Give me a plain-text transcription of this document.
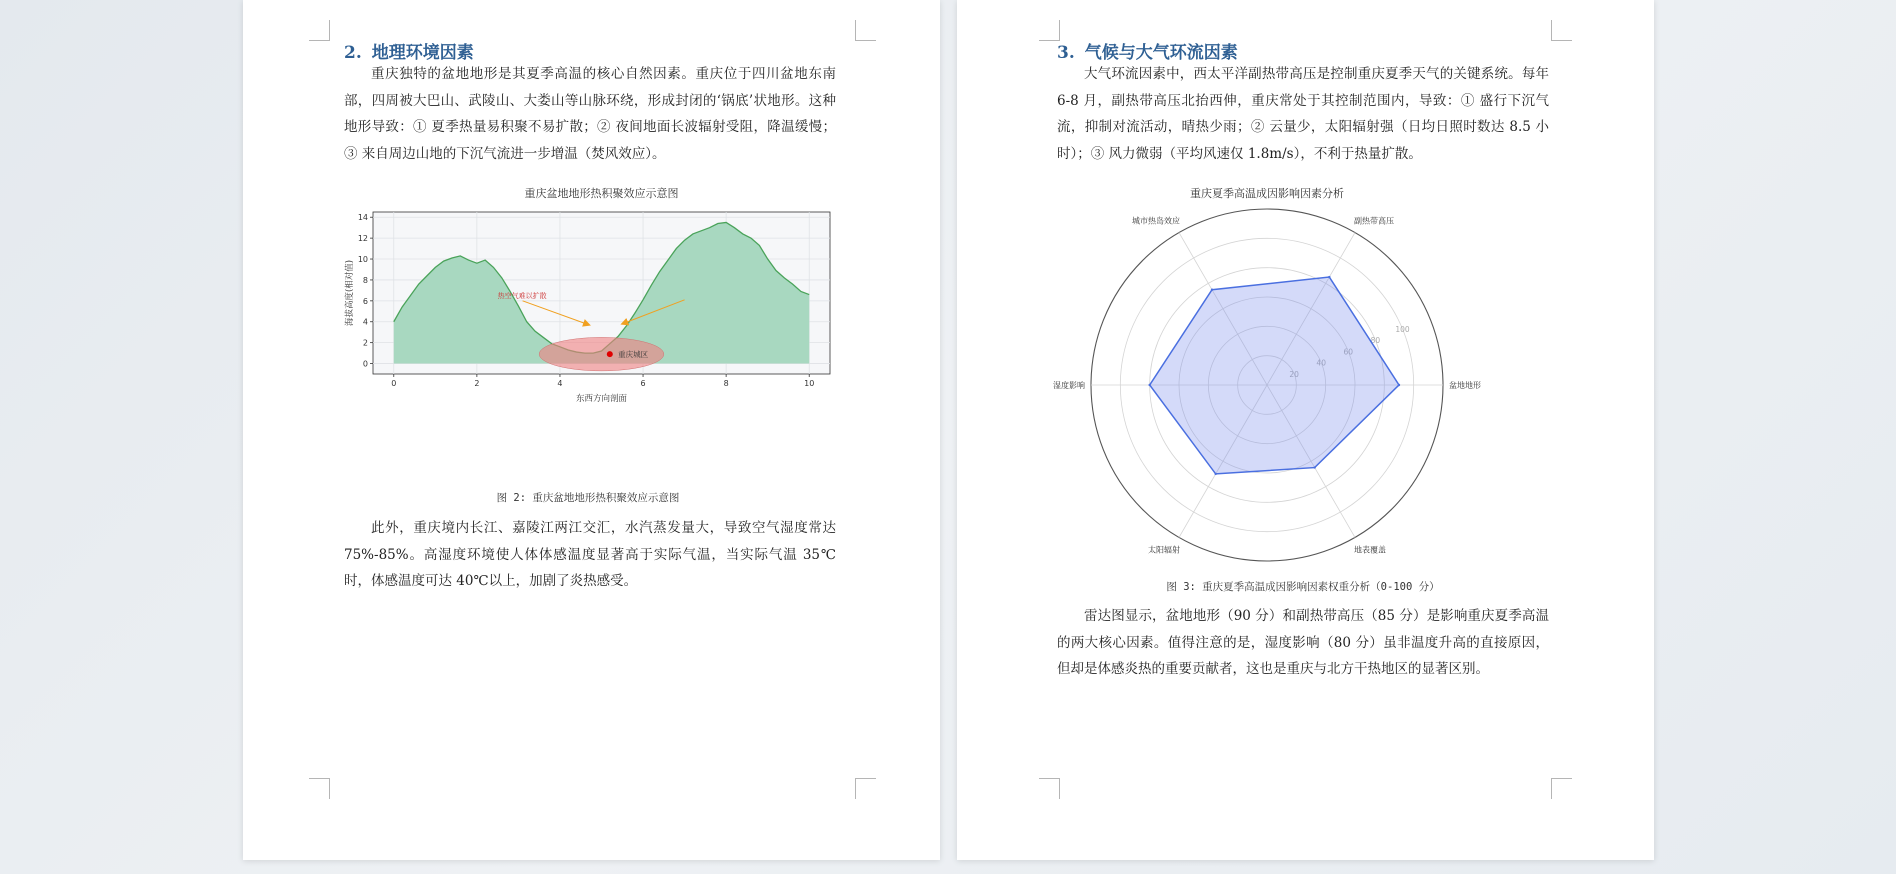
2. 地理环境因素

重庆独特的盆地地形是其夏季高温的核心自然因素。重庆位于四川盆地东南部，四周被大巴山、武陵山、大娄山等山脉环绕，形成封闭的‘锅底’状地形。这种地形导致：① 夏季热量易积聚不易扩散；② 夜间地面长波辐射受阻，降温缓慢；③ 来自周边山地的下沉气流进一步增温（焚风效应）。

重庆盆地地形热积聚效应示意图
0	2	4	6	8	10
0
2
4
6
8
10
12
14
热空气难以扩散
重庆城区
东西方向剖面
海拔高度(相对值)

图 2: 重庆盆地地形热积聚效应示意图

此外，重庆境内长江、嘉陵江两江交汇，水汽蒸发量大，导致空气湿度常达75%-85%。高湿度环境使人体体感温度显著高于实际气温，当实际气温 35℃时，体感温度可达 40℃以上，加剧了炎热感受。

3. 气候与大气环流因素

大气环流因素中，西太平洋副热带高压是控制重庆夏季天气的关键系统。每年 6-8 月，副热带高压北抬西伸，重庆常处于其控制范围内，导致：① 盛行下沉气流，抑制对流活动，晴热少雨；② 云量少，太阳辐射强（日均日照时数达 8.5 小时）；③ 风力微弱（平均风速仅 1.8m/s），不利于热量扩散。

重庆夏季高温成因影响因素分析
80
100
盆地地形
副热带高压
城市热岛效应
湿度影响
太阳辐射	地表覆盖

图 3: 重庆夏季高温成因影响因素权重分析（0-100 分）

雷达图显示，盆地地形（90 分）和副热带高压（85 分）是影响重庆夏季高温的两大核心因素。值得注意的是，湿度影响（80 分）虽非温度升高的直接原因，但却是体感炎热的重要贡献者，这也是重庆与北方干热地区的显著区别。
